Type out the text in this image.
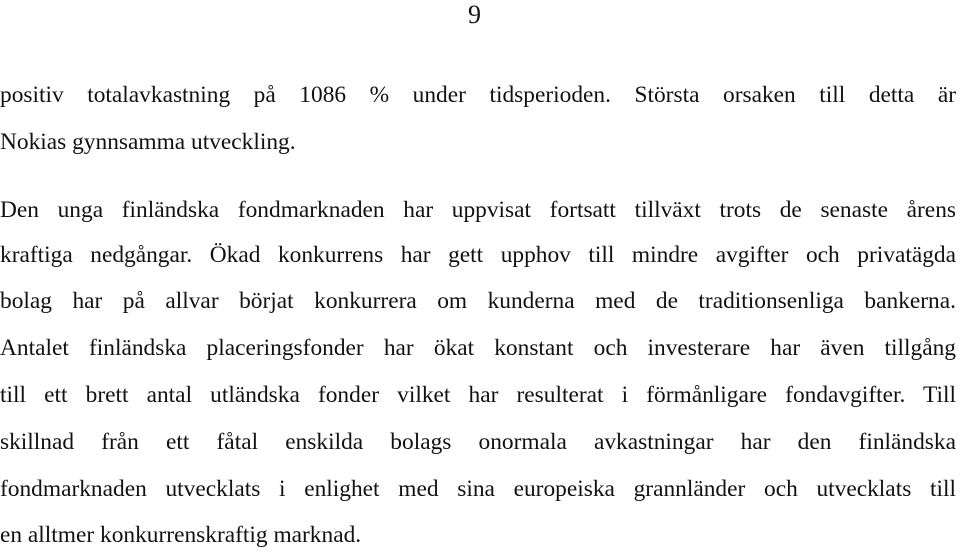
9
positiv totalavkastning på 1086 % under tidsperioden. Största orsaken till detta är
Nokias gynnsamma utveckling.
Den unga finländska fondmarknaden har uppvisat fortsatt tillväxt trots de senaste årens
kraftiga nedgångar. Ökad konkurrens har gett upphov till mindre avgifter och privatägda
bolag har på allvar börjat konkurrera om kunderna med de traditionsenliga bankerna.
Antalet finländska placeringsfonder har ökat konstant och investerare har även tillgång
till ett brett antal utländska fonder vilket har resulterat i förmånligare fondavgifter. Till
skillnad från ett fåtal enskilda bolags onormala avkastningar har den finländska
fondmarknaden utvecklats i enlighet med sina europeiska grannländer och utvecklats till
en alltmer konkurrenskraftig marknad.
